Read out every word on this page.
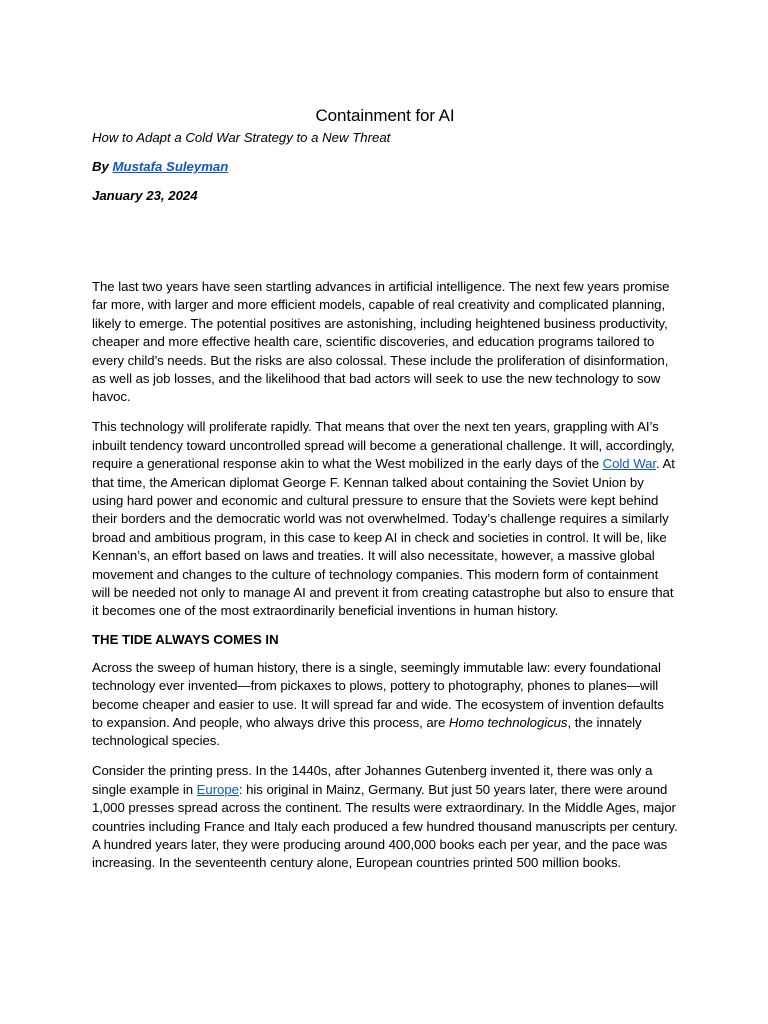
Containment for AI
How to Adapt a Cold War Strategy to a New Threat
By Mustafa Suleyman
January 23, 2024

The last two years have seen startling advances in artificial intelligence. The next few years promise far more, with larger and more efficient models, capable of real creativity and complicated planning, likely to emerge. The potential positives are astonishing, including heightened business productivity, cheaper and more effective health care, scientific discoveries, and education programs tailored to every child’s needs. But the risks are also colossal. These include the proliferation of disinformation, as well as job losses, and the likelihood that bad actors will seek to use the new technology to sow havoc.

This technology will proliferate rapidly. That means that over the next ten years, grappling with AI’s inbuilt tendency toward uncontrolled spread will become a generational challenge. It will, accordingly, require a generational response akin to what the West mobilized in the early days of the Cold War. At that time, the American diplomat George F. Kennan talked about containing the Soviet Union by using hard power and economic and cultural pressure to ensure that the Soviets were kept behind their borders and the democratic world was not overwhelmed. Today’s challenge requires a similarly broad and ambitious program, in this case to keep AI in check and societies in control. It will be, like Kennan’s, an effort based on laws and treaties. It will also necessitate, however, a massive global movement and changes to the culture of technology companies. This modern form of containment will be needed not only to manage AI and prevent it from creating catastrophe but also to ensure that it becomes one of the most extraordinarily beneficial inventions in human history.

THE TIDE ALWAYS COMES IN

Across the sweep of human history, there is a single, seemingly immutable law: every foundational technology ever invented—from pickaxes to plows, pottery to photography, phones to planes—will become cheaper and easier to use. It will spread far and wide. The ecosystem of invention defaults to expansion. And people, who always drive this process, are Homo technologicus, the innately technological species.

Consider the printing press. In the 1440s, after Johannes Gutenberg invented it, there was only a single example in Europe: his original in Mainz, Germany. But just 50 years later, there were around 1,000 presses spread across the continent. The results were extraordinary. In the Middle Ages, major countries including France and Italy each produced a few hundred thousand manuscripts per century. A hundred years later, they were producing around 400,000 books each per year, and the pace was increasing. In the seventeenth century alone, European countries printed 500 million books.
